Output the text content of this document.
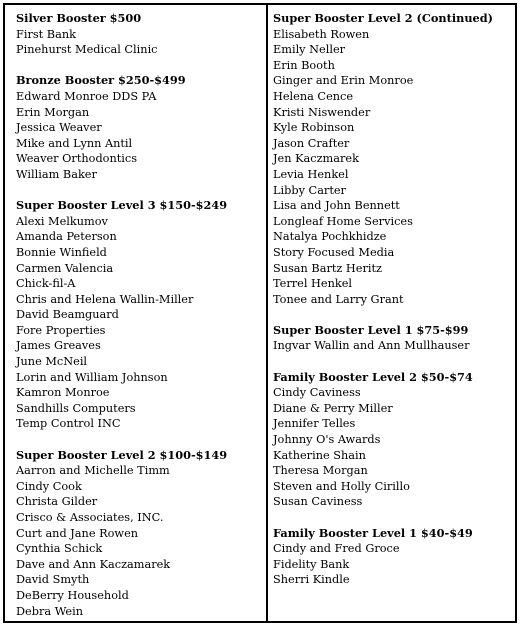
Silver Booster $500
First Bank
Pinehurst Medical Clinic
Bronze Booster $250-$499
Edward Monroe DDS PA
Erin Morgan
Jessica Weaver
Mike and Lynn Antil
Weaver Orthodontics
William Baker
Super Booster Level 3 $150-$249
Alexi Melkumov
Amanda Peterson
Bonnie Winfield
Carmen Valencia
Chick-fil-A
Chris and Helena Wallin-Miller
David Beamguard
Fore Properties
James Greaves
June McNeil
Lorin and William Johnson
Kamron Monroe
Sandhills Computers
Temp Control INC
Super Booster Level 2 $100-$149
Aarron and Michelle Timm
Cindy Cook
Christa Gilder
Crisco & Associates, INC.
Curt and Jane Rowen
Cynthia Schick
Dave and Ann Kaczamarek
David Smyth
DeBerry Household
Debra Wein
Super Booster Level 2 (Continued)
Elisabeth Rowen
Emily Neller
Erin Booth
Ginger and Erin Monroe
Helena Cence
Kristi Niswender
Kyle Robinson
Jason Crafter
Jen Kaczmarek
Levia Henkel
Libby Carter
Lisa and John Bennett
Longleaf Home Services
Natalya Pochkhidze
Story Focused Media
Susan Bartz Heritz
Terrel Henkel
Tonee and Larry Grant
Super Booster Level 1 $75-$99
Ingvar Wallin and Ann Mullhauser
Family Booster Level 2 $50-$74
Cindy Caviness
Diane & Perry Miller
Jennifer Telles
Johnny O's Awards
Katherine Shain
Theresa Morgan
Steven and Holly Cirillo
Susan Caviness
Family Booster Level 1 $40-$49
Cindy and Fred Groce
Fidelity Bank
Sherri Kindle
